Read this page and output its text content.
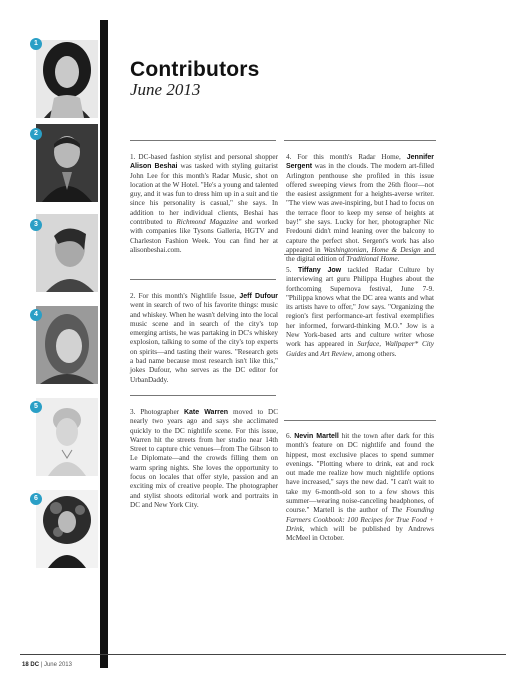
1
2
3
4
5
6
Contributors
June 2013

1. DC-based fashion stylist and personal shopper Alison Beshai was tasked with styling guitarist John Lee for this month's Radar Music, shot on location at the W Hotel. "He's a young and talented guy, and it was fun to dress him up in a suit and tie since his personality is casual," she says. In addition to her individual clients, Beshai has contributed to Richmond Magazine and worked with companies like Tysons Galleria, HGTV and Charleston Fashion Week. You can find her at alisonbeshai.com.

2. For this month's Nightlife Issue, Jeff Dufour went in search of two of his favorite things: music and whiskey. When he wasn't delving into the local music scene and in search of the city's top emerging artists, he was partaking in DC's whiskey explosion, talking to some of the city's top experts on spirits—and tasting their wares. "Research gets a bad name because most research isn't like this," jokes Dufour, who serves as the DC editor for UrbanDaddy.

3. Photographer Kate Warren moved to DC nearly two years ago and says she acclimated quickly to the DC nightlife scene. For this issue, Warren hit the streets from her studio near 14th Street to capture chic venues—from The Gibson to Le Diplomate—and the crowds filling them on warm spring nights. She loves the opportunity to focus on locales that offer style, passion and an exciting mix of creative people. The photographer and stylist shoots editorial work and portraits in DC and New York City.

4. For this month's Radar Home, Jennifer Sergent was in the clouds. The modern art-filled Arlington penthouse she profiled in this issue offered sweeping views from the 26th floor—not the easiest assignment for a heights-averse writer. "The view was awe-inspiring, but I had to focus on the terrace floor to keep my sense of heights at bay!" she says. Lucky for her, photographer Nic Fredouni didn't mind leaning over the balcony to capture the perfect shot. Sergent's work has also appeared in Washingtonian, Home & Design and the digital edition of Traditional Home.

5. Tiffany Jow tackled Radar Culture by interviewing art guru Philippa Hughes about the forthcoming Supernova festival, June 7-9. "Philippa knows what the DC area wants and what its artists have to offer," Jow says. "Organizing the region's first performance-art festival exemplifies her informed, forward-thinking M.O." Jow is a New York-based arts and culture writer whose work has appeared in Surface, Wallpaper* City Guides and Art Review, among others.

6. Nevin Martell hit the town after dark for this month's feature on DC nightlife and found the hippest, most exclusive places to spend summer evenings. "Plotting where to drink, eat and rock out made me realize how much nightlife options have increased," says the new dad. "I can't wait to take my 6-month-old son to a few shows this summer—wearing noise-canceling headphones, of course." Martell is the author of The Founding Farmers Cookbook: 100 Recipes for True Food + Drink, which will be published by Andrews McMeel in October.

18 DC | June 2013
